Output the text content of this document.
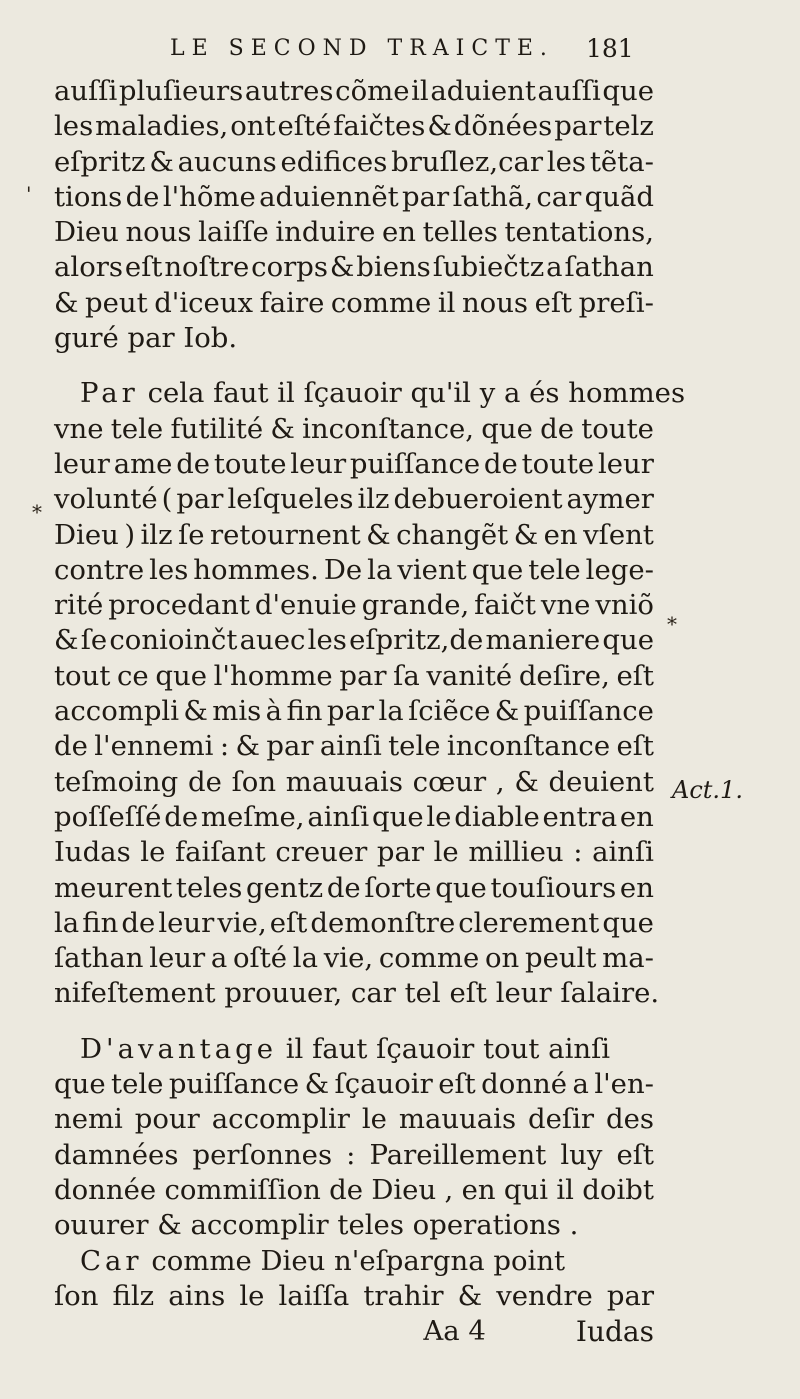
LE SECOND TRAICTE. 181
auſſi pluſieurs autres cõme il aduient auſſi que
les maladies, ont eſté faičtes & dõnées par telz
eſpritz & aucuns edifices bruſlez,car les tẽta-
tions de l'hõme aduiennẽt par ſathã, car quãd
Dieu nous laiſſe induire en telles tentations,
alors eſt noſtre corps & biens ſubiečtz a ſathan
& peut d'iceux faire comme il nous eſt preſi-
guré par Iob.
Par
cela faut il ſçauoir qu'il y a és hommes
vne tele futilité & inconſtance, que de toute
leur ame de toute leur puiſſance de toute leur
volunté ( par leſqueles ilz debueroient aymer
Dieu ) ilz ſe retournent & changẽt & en vſent
contre les hommes. De la vient que tele lege-
rité procedant d'enuie grande, faičt vne vniõ
& ſe conioinčt auec les eſpritz,de maniere que
tout ce que l'homme par ſa vanité deſire, eſt
accompli & mis à fin par la ſciẽce & puiſſance
de l'ennemi : & par ainſi tele inconſtance eſt
teſmoing de ſon mauuais cœur , & deuient
poſſeſſé de meſme, ainſi que le diable entra en
Iudas le faiſant creuer par le millieu : ainſi
meurent teles gentz de ſorte que touſiours en
la fin de leur vie, eſt demonſtre clerement que
ſathan leur a oſté la vie, comme on peult ma-
nifeſtement prouuer, car tel eſt leur ſalaire.
D'avantage
il faut ſçauoir tout ainſi
que tele puiſſance & ſçauoir eſt donné a l'en-
nemi pour accomplir le mauuais deſir des
damnées perſonnes : Pareillement luy eſt
donnée commiſſion de Dieu , en qui il doibt
ouurer & accomplir teles operations .
Car
comme Dieu n'eſpargna point
ſon filz ains le laiſſa trahir & vendre par
Aa 4	Iudas
Act.1.
*
*
'
